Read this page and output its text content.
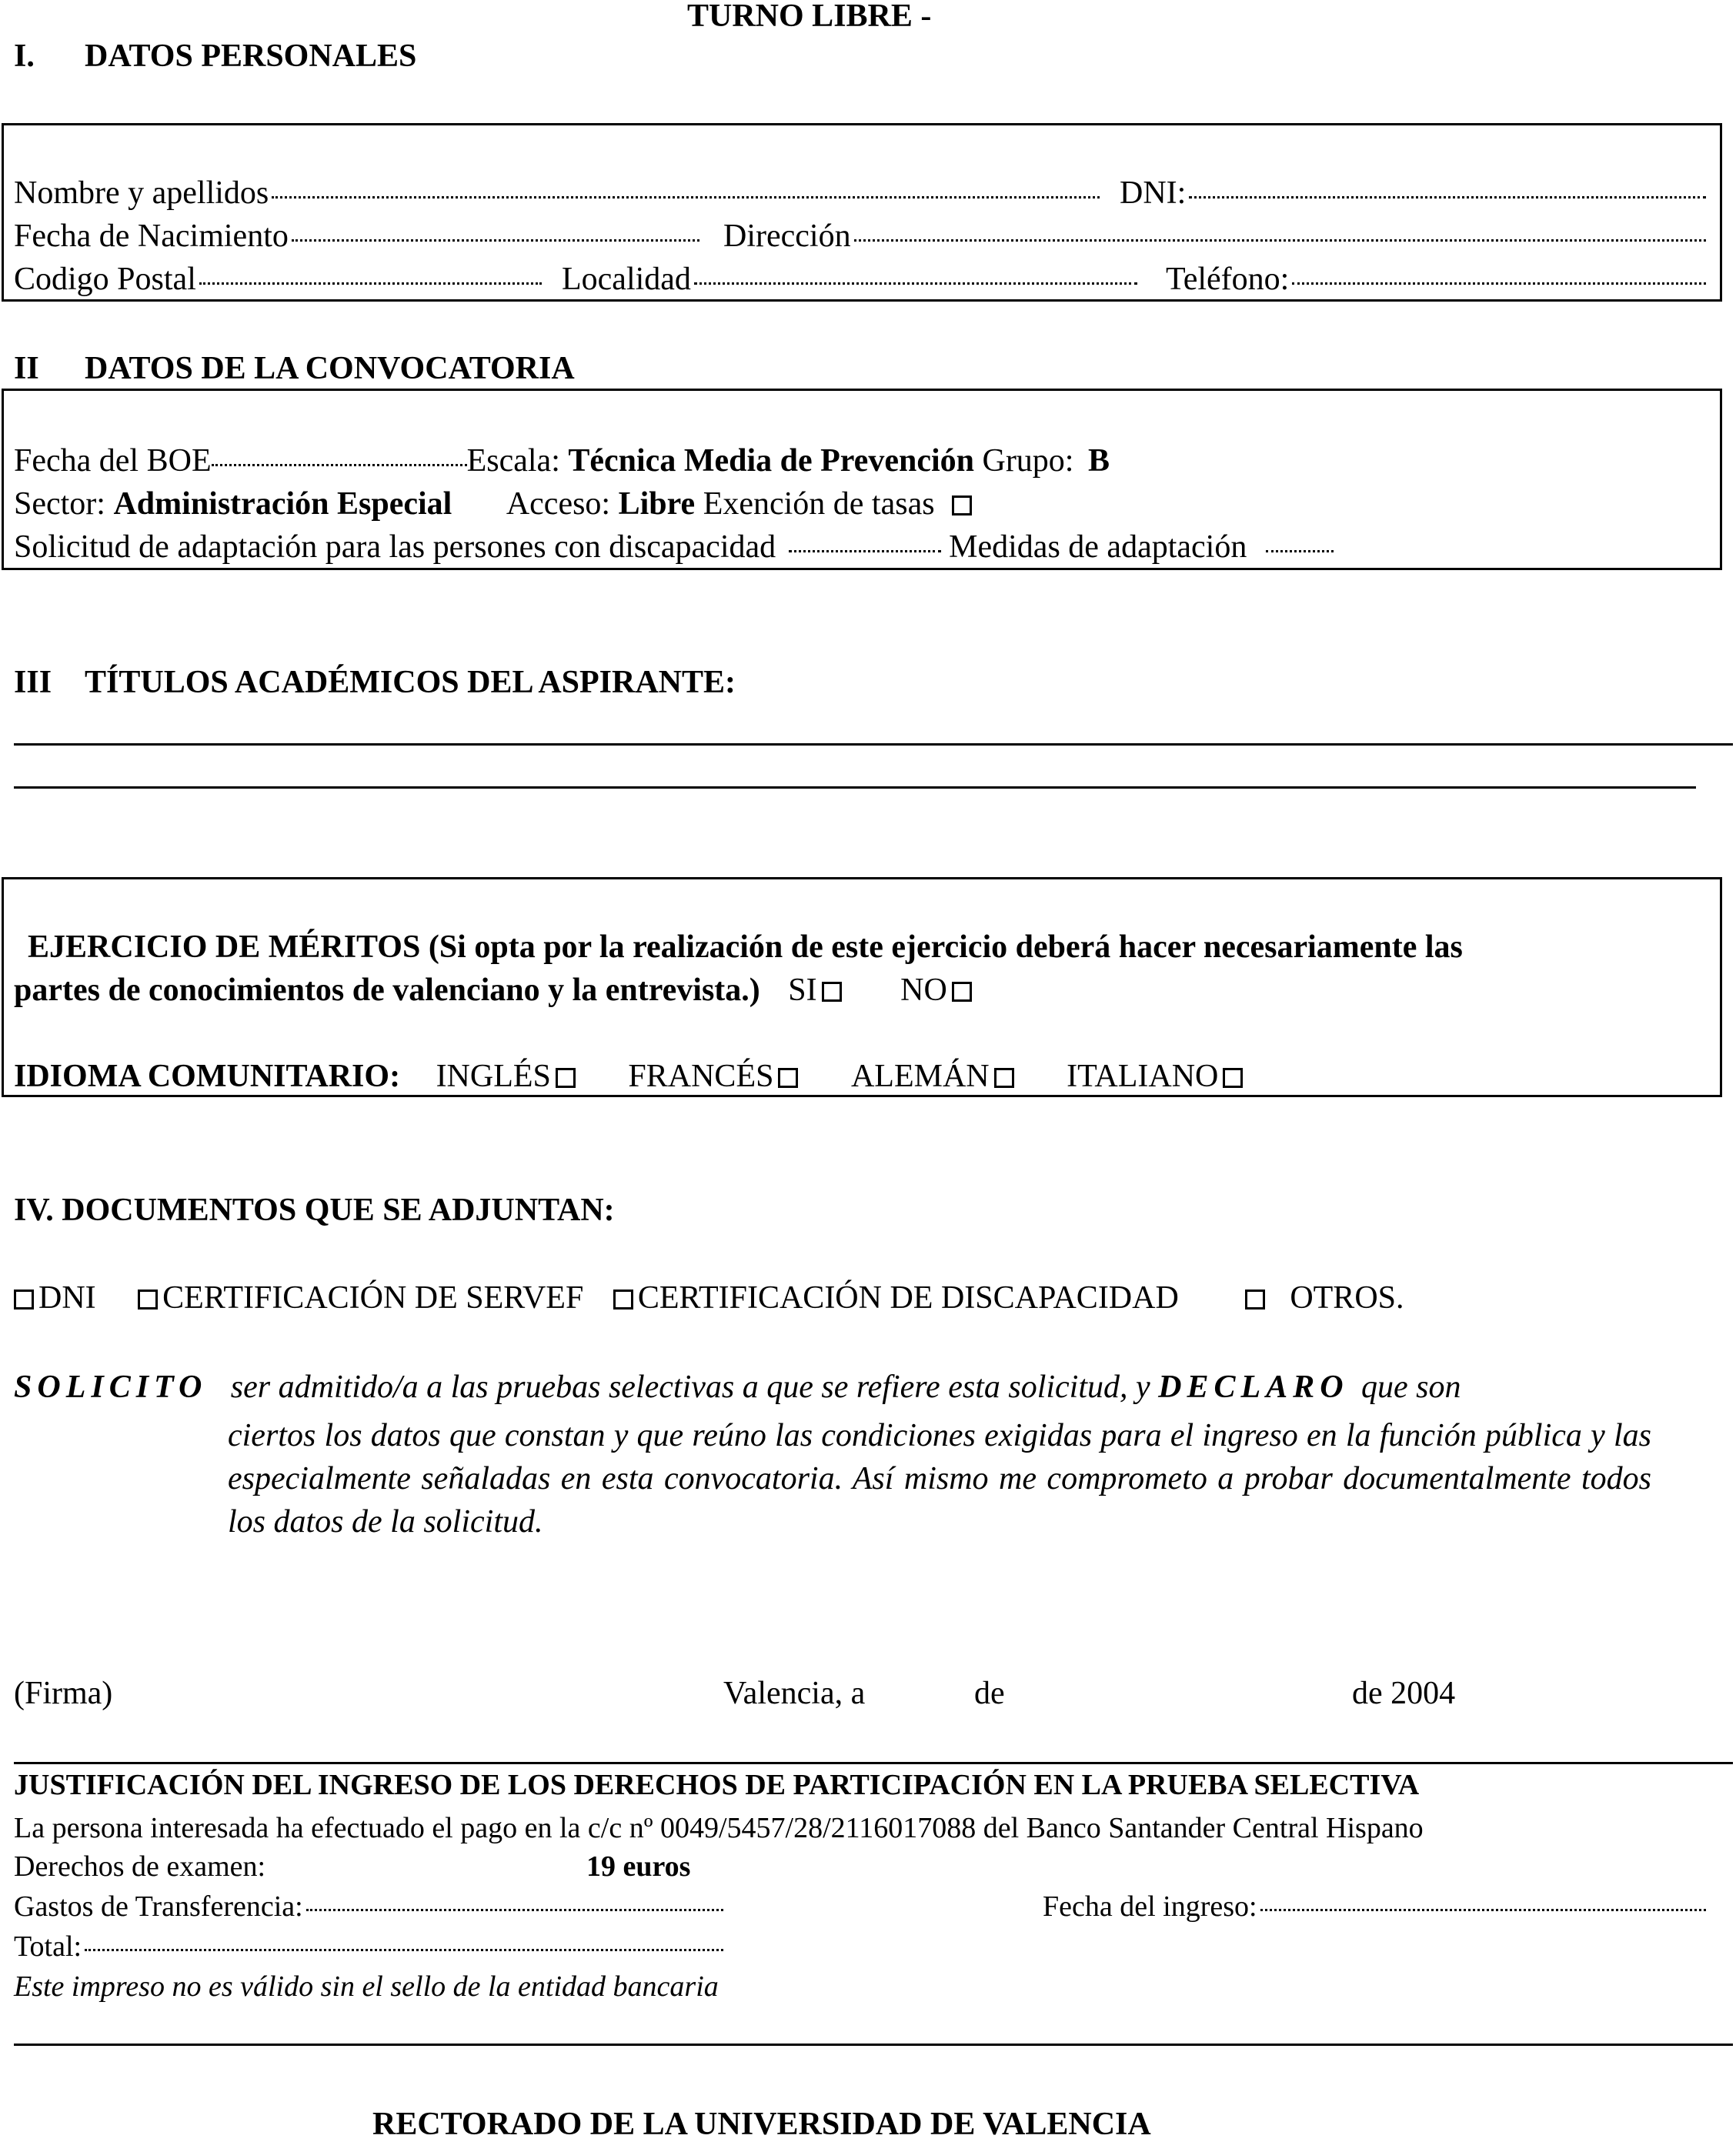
TURNO LIBRE -
I. DATOS PERSONALES
Nombre y apellidos	DNI:
Fecha de Nacimiento	Dirección
Codigo Postal	Localidad	Teléfono:
II DATOS DE LA CONVOCATORIA
Fecha del BOE	Escala: Técnica Media de Prevención Grupo: B
Sector: Administración Especial Acceso: Libre Exención de tasas
Solicitud de adaptación para las persones con discapacidad	Medidas de adaptación
III TÍTULOS ACADÉMICOS DEL ASPIRANTE:
EJERCICIO DE MÉRITOS (Si opta por la realización de este ejercicio deberá hacer necesariamente las
partes de conocimientos de valenciano y la entrevista.) SI	NO
IDIOMA COMUNITARIO: INGLÉS FRANCÉS ALEMÁN ITALIANO
IV. DOCUMENTOS QUE SE ADJUNTAN:
DNI CERTIFICACIÓN DE SERVEF CERTIFICACIÓN DE DISCAPACIDAD	OTROS.
SOLICITO ser admitido/a a las pruebas selectivas a que se refiere esta solicitud, y DECLARO que son
ciertos los datos que constan y que reúno las condiciones exigidas para el ingreso en la función pública y las especialmente señaladas en esta convocatoria. Así mismo me comprometo a probar documentalmente todos los datos de la solicitud.
(Firma)	Valencia, a	de	de 2004
JUSTIFICACIÓN DEL INGRESO DE LOS DERECHOS DE PARTICIPACIÓN EN LA PRUEBA SELECTIVA
La persona interesada ha efectuado el pago en la c/c nº 0049/5457/28/2116017088 del Banco Santander Central Hispano
Derechos de examen:	19 euros
Gastos de Transferencia:	Fecha del ingreso:
Total:
Este impreso no es válido sin el sello de la entidad bancaria
RECTORADO DE LA UNIVERSIDAD DE VALENCIA
